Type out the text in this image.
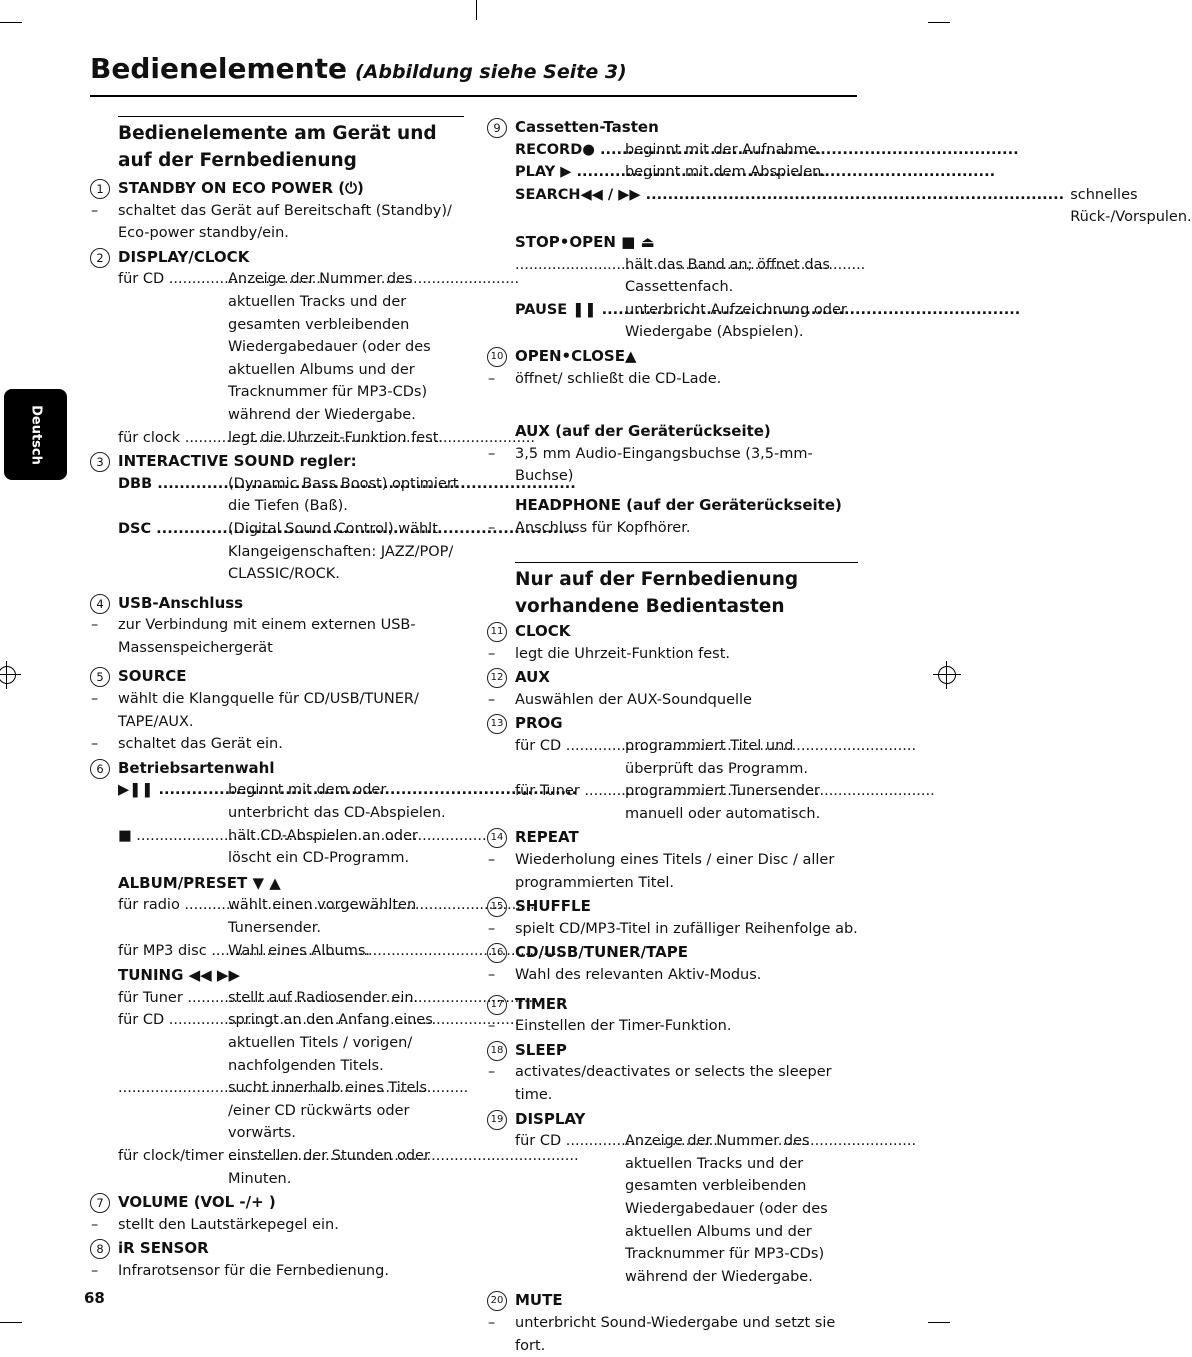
Bedienelemente (Abbildung siehe Seite 3)
Deutsch
Bedienelemente am Gerät und
auf der Fernbedienung
1 STANDBY ON ECO POWER (⏻)
– schaltet das Gerät auf Bereitschaft (Standby)/ Eco-power standby/ein.
2 DISPLAY/CLOCK
für CD .....	Anzeige der Nummer des aktuellen Tracks und der gesamten verbleibenden Wiedergabedauer (oder des aktuellen Albums und der Tracknummer für MP3-CDs) während der Wiedergabe.
für clock .....	legt die Uhrzeit-Funktion fest.
3 INTERACTIVE SOUND regler:
DBB .....	(Dynamic Bass Boost) optimiert die Tiefen (Baß).
DSC .....	(Digital Sound Control) wählt Klangeigenschaften: JAZZ/POP/ CLASSIC/ROCK.
4 USB-Anschluss
– zur Verbindung mit einem externen USB-Massenspeichergerät
5 SOURCE
– wählt die Klangquelle für CD/USB/TUNER/ TAPE/AUX.
– schaltet das Gerät ein.
6 Betriebsartenwahl
▶❚❚ .....	beginnt mit dem oder unterbricht das CD-Abspielen.
■ .....	hält CD-Abspielen an oder löscht ein CD-Programm.
ALBUM/PRESET ▼ ▲
für radio .....	wählt einen vorgewählten Tunersender.
für MP3 disc .....	Wahl eines Albums.
TUNING ◀◀ ▶▶
für Tuner .....	stellt auf Radiosender ein.
für CD .....	springt an den Anfang eines aktuellen Titels / vorigen/ nachfolgenden Titels.
.....
sucht innerhalb eines Titels /einer CD rückwärts oder vorwärts.
für clock/timer ..... einstellen der Stunden oder Minuten.
7 VOLUME (VOL -/+ )
– stellt den Lautstärkepegel ein.
8 iR SENSOR
– Infrarotsensor für die Fernbedienung.
9 Cassetten-Tasten
RECORD● .....	beginnt mit der Aufnahme.
PLAY ▶ .....	beginnt mit dem Abspielen.
SEARCH◀◀ / ▶▶ .....	schnelles Rück-/Vorspulen.
STOP•OPEN ■ ⏏
.....
hält das Band an; öffnet das Cassettenfach.
PAUSE ❚❚ .....	unterbricht Aufzeichnung oder Wiedergabe (Abspielen).
10 OPEN•CLOSE▲
– öffnet/ schließt die CD-Lade.
AUX (auf der Geräterückseite)
– 3,5 mm Audio-Eingangsbuchse (3,5-mm-Buchse)
HEADPHONE (auf der Geräterückseite)
– Anschluss für Kopfhörer.
Nur auf der Fernbedienung
vorhandene Bedientasten
11 CLOCK
– legt die Uhrzeit-Funktion fest.
12 AUX
– Auswählen der AUX-Soundquelle
13 PROG
für CD .....	programmiert Titel und überprüft das Programm.
für Tuner .....	programmiert Tunersender manuell oder automatisch.
14 REPEAT
– Wiederholung eines Titels / einer Disc / aller programmierten Titel.
15 SHUFFLE
– spielt CD/MP3-Titel in zufälliger Reihenfolge ab.
16 CD/USB/TUNER/TAPE
– Wahl des relevanten Aktiv-Modus.
17 TIMER
– Einstellen der Timer-Funktion.
18 SLEEP
– activates/deactivates or selects the sleeper time.
19 DISPLAY
für CD .....	Anzeige der Nummer des aktuellen Tracks und der gesamten verbleibenden Wiedergabedauer (oder des aktuellen Albums und der Tracknummer für MP3-CDs) während der Wiedergabe.
20 MUTE
– unterbricht Sound-Wiedergabe und setzt sie fort.
68
